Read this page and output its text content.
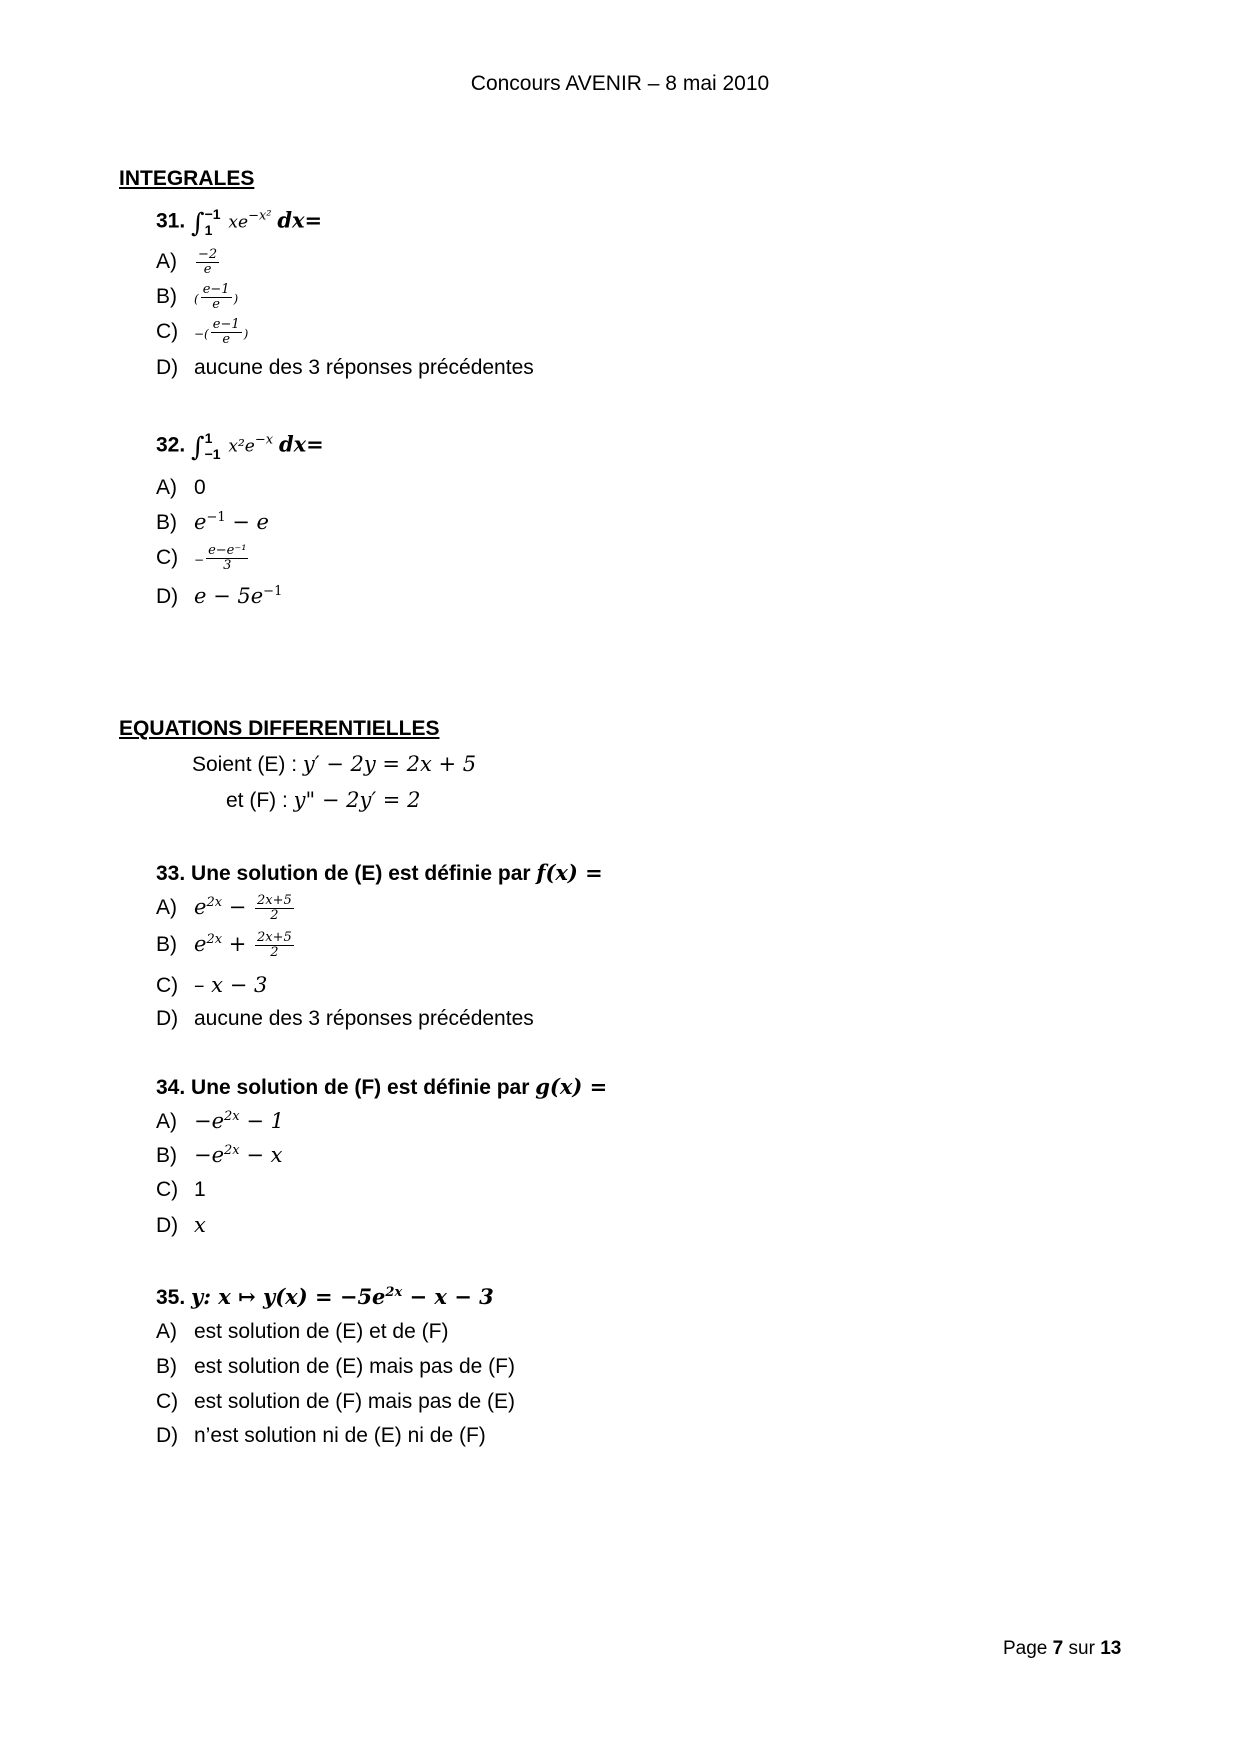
Concours AVENIR – 8 mai 2010
INTEGRALES
31. ∫ −1
1 $xe^{-x^2}$ dx=
$A) \frac{-2}{e}$
B) ( $\frac{e-1}{e}$ )
C) −( $\frac{e-1}{e}$ )
D) aucune des 3 réponses précédentes
32. ∫ 1
−1 $x^2e^{-x}$ dx=
A) 0
B) $e^{-1} - e$
$C) - \frac{\text{e−e⁻¹}}{3}$
D) $e - 5e^{-1}$
EQUATIONS DIFFERENTIELLES
Soient (E) : y′ − 2y = 2x + 5
et (F) : y" − 2y′ = 2
33. Une solution de (E) est définie par f(x) =
A) $e^{2x} - \frac{2x+5}{2}$
B) $e^{2x} + \frac{2x+5}{2}$
C) – x − 3
D) aucune des 3 réponses précédentes
34. Une solution de (F) est définie par g(x) =
$A) -e^{2x} - 1$
$B) -e^{2x} - x$
C) 1
D) x
35. y: x ↦ $y(x) = -5e^{2x} - x - 3$
A) est solution de (E) et de (F)
B) est solution de (E) mais pas de (F)
C) est solution de (F) mais pas de (E)
D) n’est solution ni de (E) ni de (F)
Page 7 sur 13
